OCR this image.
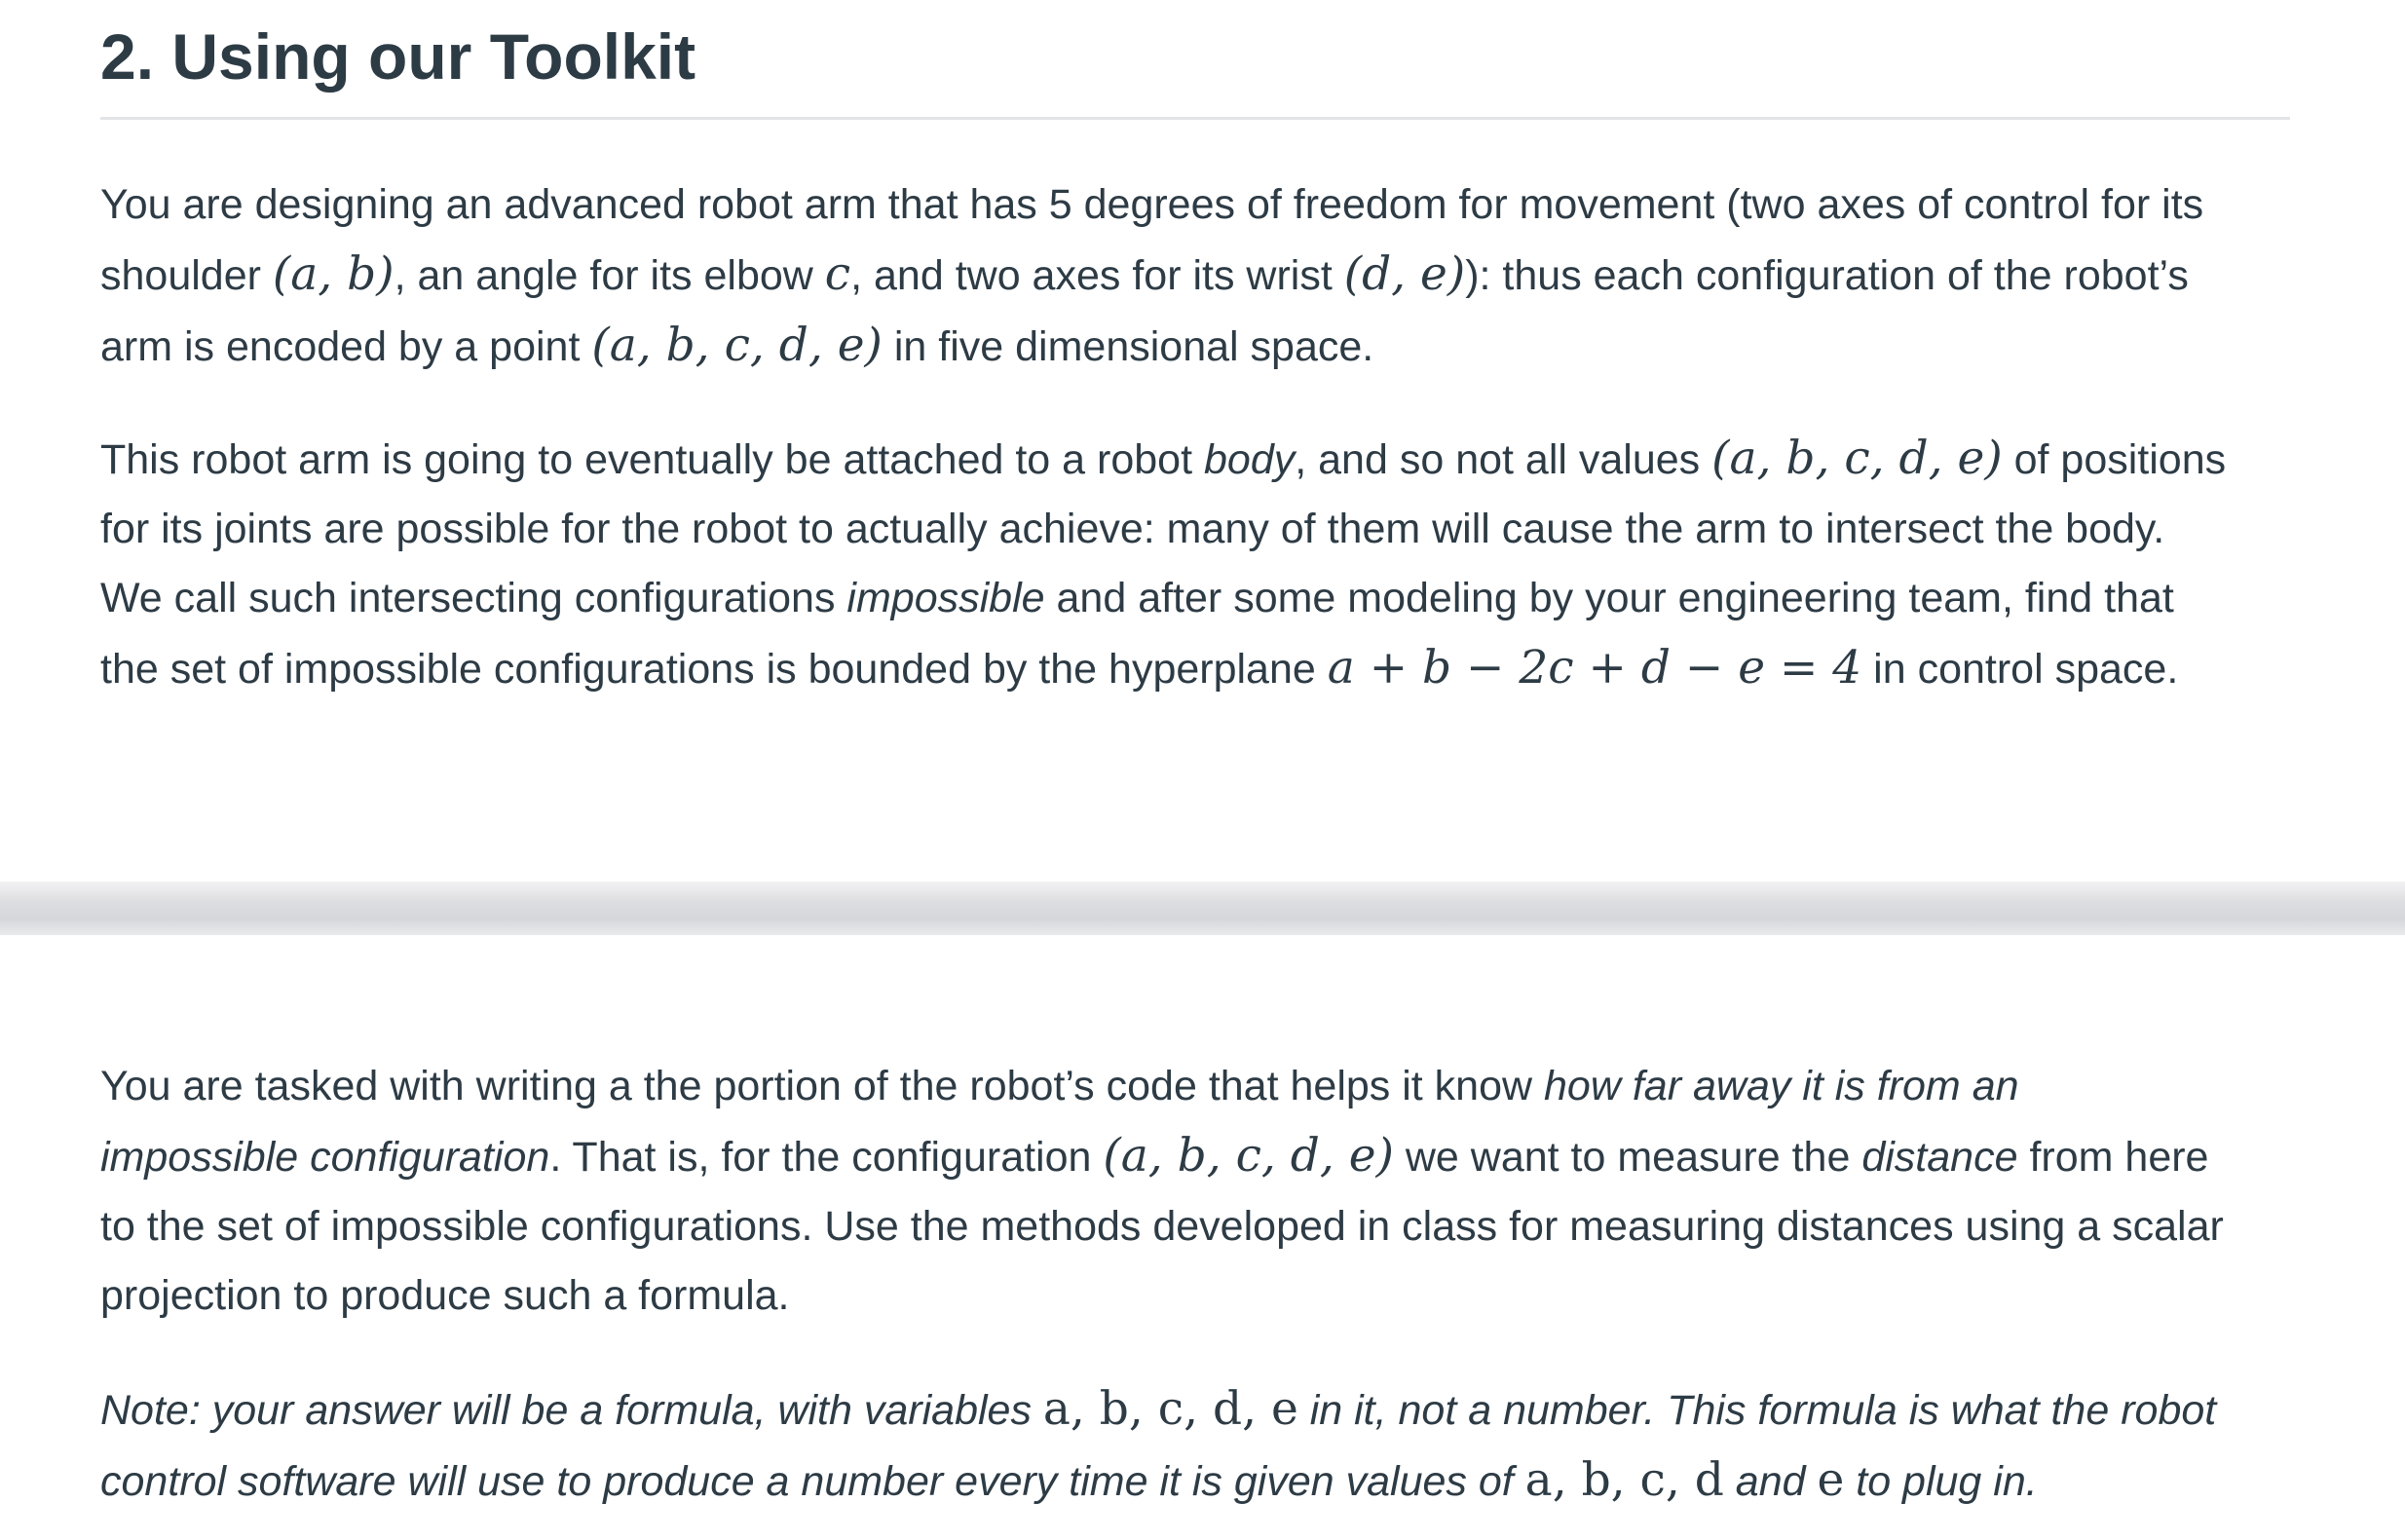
2. Using our Toolkit

You are designing an advanced robot arm that has 5 degrees of freedom for movement (two axes of control for its
shoulder (a, b), an angle for its elbow c, and two axes for its wrist (d, e)): thus each configuration of the robot’s
arm is encoded by a point (a, b, c, d, e) in five dimensional space.

This robot arm is going to eventually be attached to a robot body, and so not all values (a, b, c, d, e) of positions
for its joints are possible for the robot to actually achieve: many of them will cause the arm to intersect the body.
We call such intersecting configurations impossible and after some modeling by your engineering team, find that
the set of impossible configurations is bounded by the hyperplane a + b − 2c + d − e = 4 in control space.

You are tasked with writing a the portion of the robot’s code that helps it know how far away it is from an
impossible configuration. That is, for the configuration (a, b, c, d, e) we want to measure the distance from here
to the set of impossible configurations. Use the methods developed in class for measuring distances using a scalar
projection to produce such a formula.

Note: your answer will be a formula, with variables a, b, c, d, e in it, not a number. This formula is what the robot
control software will use to produce a number every time it is given values of a, b, c, d and e to plug in.
